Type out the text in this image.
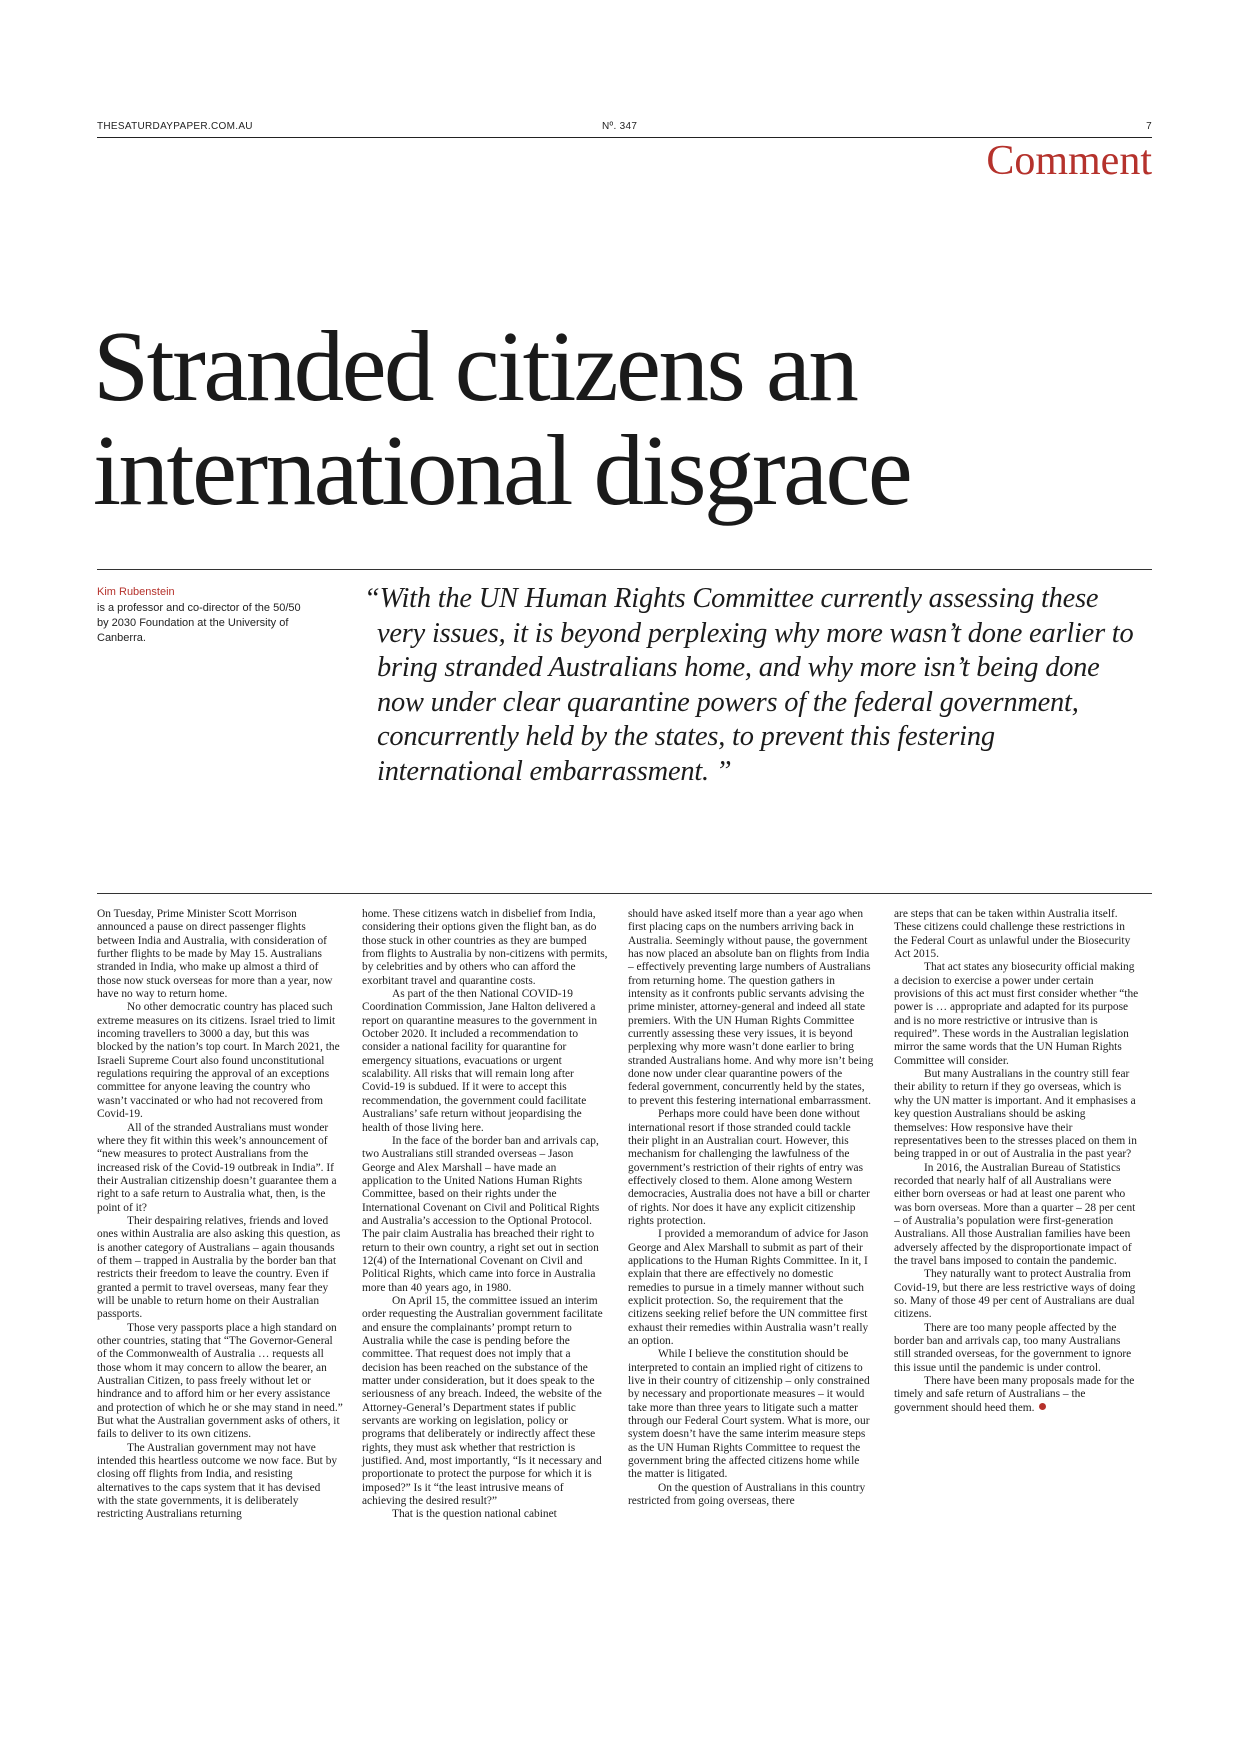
THESATURDAYPAPER.COM.AU	Nº. 347	7
Comment
Stranded citizens an international disgrace
Kim Rubenstein
is a professor and co-director of the 50/50 by 2030 Foundation at the University of Canberra.
“With the UN Human Rights Committee currently assessing these very issues, it is beyond perplexing why more wasn’t done earlier to bring stranded Australians home, and why more isn’t being done now under clear quarantine powers of the federal government, concurrently held by the states, to prevent this festering international embarrassment. ”

On Tuesday, Prime Minister Scott Morrison announced a pause on direct passenger flights between India and Australia, with consideration of further flights to be made by May 15. Australians stranded in India, who make up almost a third of those now stuck overseas for more than a year, now have no way to return home.

No other democratic country has placed such extreme measures on its citizens. Israel tried to limit incoming travellers to 3000 a day, but this was blocked by the nation’s top court. In March 2021, the Israeli Supreme Court also found unconstitutional regulations requiring the approval of an exceptions committee for anyone leaving the country who wasn’t vaccinated or who had not recovered from Covid-19.

All of the stranded Australians must wonder where they fit within this week’s announcement of “new measures to protect Australians from the increased risk of the Covid-19 outbreak in India”. If their Australian citizenship doesn’t guarantee them a right to a safe return to Australia what, then, is the point of it?

Their despairing relatives, friends and loved ones within Australia are also asking this question, as is another category of Australians – again thousands of them – trapped in Australia by the border ban that restricts their freedom to leave the country. Even if granted a permit to travel overseas, many fear they will be unable to return home on their Australian passports.

Those very passports place a high standard on other countries, stating that “The Governor-General of the Commonwealth of Australia … requests all those whom it may concern to allow the bearer, an Australian Citizen, to pass freely without let or hindrance and to afford him or her every assistance and protection of which he or she may stand in need.” But what the Australian government asks of others, it fails to deliver to its own citizens.

The Australian government may not have intended this heartless outcome we now face. But by closing off flights from India, and resisting alternatives to the caps system that it has devised with the state governments, it is deliberately restricting Australians returning

home. These citizens watch in disbelief from India, considering their options given the flight ban, as do those stuck in other countries as they are bumped from flights to Australia by non-citizens with permits, by celebrities and by others who can afford the exorbitant travel and quarantine costs.

As part of the then National COVID-19 Coordination Commission, Jane Halton delivered a report on quarantine measures to the government in October 2020. It included a recommendation to consider a national facility for quarantine for emergency situations, evacuations or urgent scalability. All risks that will remain long after Covid-19 is subdued. If it were to accept this recommendation, the government could facilitate Australians’ safe return without jeopardising the health of those living here.

In the face of the border ban and arrivals cap, two Australians still stranded overseas – Jason George and Alex Marshall – have made an application to the United Nations Human Rights Committee, based on their rights under the International Covenant on Civil and Political Rights and Australia’s accession to the Optional Protocol. The pair claim Australia has breached their right to return to their own country, a right set out in section 12(4) of the International Covenant on Civil and Political Rights, which came into force in Australia more than 40 years ago, in 1980.

On April 15, the committee issued an interim order requesting the Australian government facilitate and ensure the complainants’ prompt return to Australia while the case is pending before the committee. That request does not imply that a decision has been reached on the substance of the matter under consideration, but it does speak to the seriousness of any breach. Indeed, the website of the Attorney-General’s Department states if public servants are working on legislation, policy or programs that deliberately or indirectly affect these rights, they must ask whether that restriction is justified. And, most importantly, “Is it necessary and proportionate to protect the purpose for which it is imposed?” Is it “the least intrusive means of achieving the desired result?”

That is the question national cabinet

should have asked itself more than a year ago when first placing caps on the numbers arriving back in Australia. Seemingly without pause, the government has now placed an absolute ban on flights from India – effectively preventing large numbers of Australians from returning home. The question gathers in intensity as it confronts public servants advising the prime minister, attorney-general and indeed all state premiers. With the UN Human Rights Committee currently assessing these very issues, it is beyond perplexing why more wasn’t done earlier to bring stranded Australians home. And why more isn’t being done now under clear quarantine powers of the federal government, concurrently held by the states, to prevent this festering international embarrassment.

Perhaps more could have been done without international resort if those stranded could tackle their plight in an Australian court. However, this mechanism for challenging the lawfulness of the government’s restriction of their rights of entry was effectively closed to them. Alone among Western democracies, Australia does not have a bill or charter of rights. Nor does it have any explicit citizenship rights protection.

I provided a memorandum of advice for Jason George and Alex Marshall to submit as part of their applications to the Human Rights Committee. In it, I explain that there are effectively no domestic remedies to pursue in a timely manner without such explicit protection. So, the requirement that the citizens seeking relief before the UN committee first exhaust their remedies within Australia wasn’t really an option.

While I believe the constitution should be interpreted to contain an implied right of citizens to live in their country of citizenship – only constrained by necessary and proportionate measures – it would take more than three years to litigate such a matter through our Federal Court system. What is more, our system doesn’t have the same interim measure steps as the UN Human Rights Committee to request the government bring the affected citizens home while the matter is litigated.

On the question of Australians in this country restricted from going overseas, there

are steps that can be taken within Australia itself. These citizens could challenge these restrictions in the Federal Court as unlawful under the Biosecurity Act 2015.

That act states any biosecurity official making a decision to exercise a power under certain provisions of this act must first consider whether “the power is … appropriate and adapted for its purpose and is no more restrictive or intrusive than is required”. These words in the Australian legislation mirror the same words that the UN Human Rights Committee will consider.

But many Australians in the country still fear their ability to return if they go overseas, which is why the UN matter is important. And it emphasises a key question Australians should be asking themselves: How responsive have their representatives been to the stresses placed on them in being trapped in or out of Australia in the past year?

In 2016, the Australian Bureau of Statistics recorded that nearly half of all Australians were either born overseas or had at least one parent who was born overseas. More than a quarter – 28 per cent – of Australia’s population were first-generation Australians. All those Australian families have been adversely affected by the disproportionate impact of the travel bans imposed to contain the pandemic.

They naturally want to protect Australia from Covid-19, but there are less restrictive ways of doing so. Many of those 49 per cent of Australians are dual citizens.

There are too many people affected by the border ban and arrivals cap, too many Australians still stranded overseas, for the government to ignore this issue until the pandemic is under control.

There have been many proposals made for the timely and safe return of Australians – the government should heed them.
